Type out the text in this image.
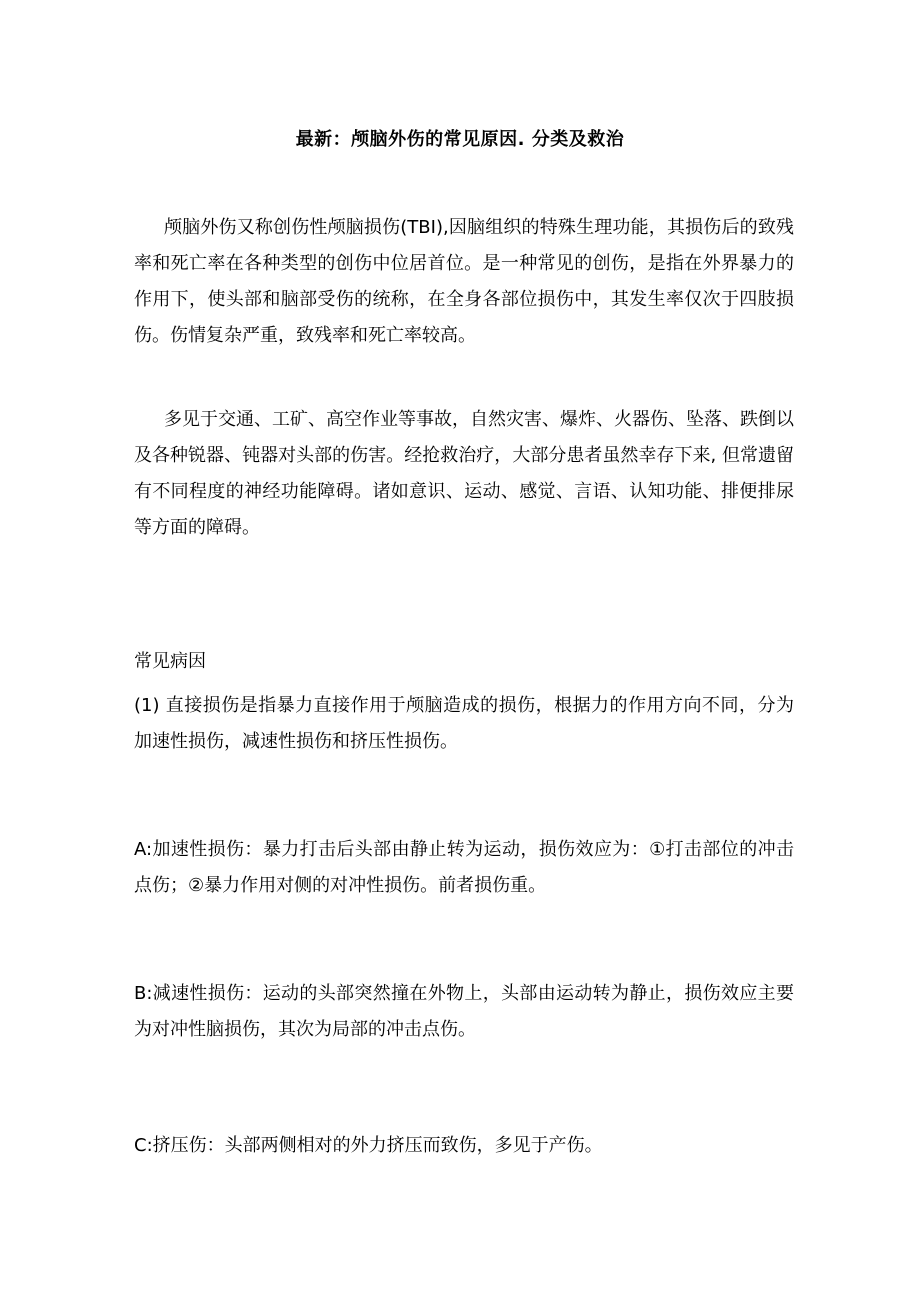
最新：颅脑外伤的常见原因. 分类及救治

颅脑外伤又称创伤性颅脑损伤(TBI),因脑组织的特殊生理功能，其损伤后的致残率和死亡率在各种类型的创伤中位居首位。是一种常见的创伤，是指在外界暴力的作用下，使头部和脑部受伤的统称，在全身各部位损伤中，其发生率仅次于四肢损伤。伤情复杂严重，致残率和死亡率较高。

多见于交通、工矿、高空作业等事故，自然灾害、爆炸、火器伤、坠落、跌倒以及各种锐器、钝器对头部的伤害。经抢救治疗，大部分患者虽然幸存下来, 但常遗留有不同程度的神经功能障碍。诸如意识、运动、感觉、言语、认知功能、排便排尿等方面的障碍。

常见病因

(1) 直接损伤是指暴力直接作用于颅脑造成的损伤，根据力的作用方向不同，分为加速性损伤，减速性损伤和挤压性损伤。

A:加速性损伤：暴力打击后头部由静止转为运动，损伤效应为：①打击部位的冲击点伤；②暴力作用对侧的对冲性损伤。前者损伤重。

B:减速性损伤：运动的头部突然撞在外物上，头部由运动转为静止，损伤效应主要为对冲性脑损伤，其次为局部的冲击点伤。

C:挤压伤：头部两侧相对的外力挤压而致伤，多见于产伤。
